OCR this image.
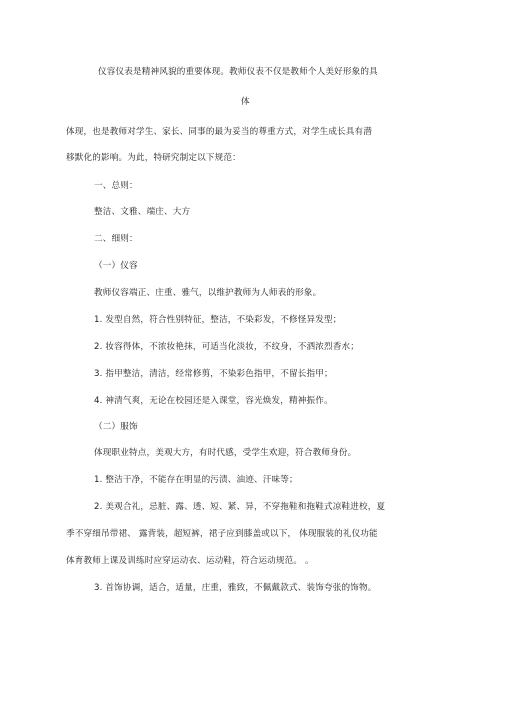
仪容仪表是精神风貌的重要体现。教师仪表不仅是教师个人美好形象的具
体
体现，也是教师对学生、家长、同事的最为妥当的尊重方式，对学生成长具有潜
移默化的影响。为此，特研究制定以下规范：
一、总则：
整洁、文雅、端庄、大方
二、细则：
（一）仪容
教师仪容端正、庄重、雅气，以维护教师为人师表的形象。
1. 发型自然，符合性别特征，整洁，不染彩发，不修怪异发型；
2. 妆容得体，不浓妆艳抹，可适当化淡妆，不纹身，不洒浓烈香水；
3. 指甲整洁，清洁，经常修剪，不染彩色指甲，不留长指甲；
4. 神清气爽，无论在校园还是入课堂，容光焕发，精神振作。
（二）服饰
体现职业特点，美观大方，有时代感，受学生欢迎，符合教师身份。
1. 整洁干净，不能存在明显的污渍、油迹、汗味等；
2. 美观合礼，忌脏、露、透、短、紧、异，不穿拖鞋和拖鞋式凉鞋进校，夏
季不穿细吊带裙、 露背装，超短裤，裙子应到膝盖或以下， 体现服装的礼仪功能
体育教师上课及训练时应穿运动衣、运动鞋，符合运动规范。 。
3. 首饰协调，适合，适量，庄重，雅致，不佩戴款式、装饰夸张的饰物。
